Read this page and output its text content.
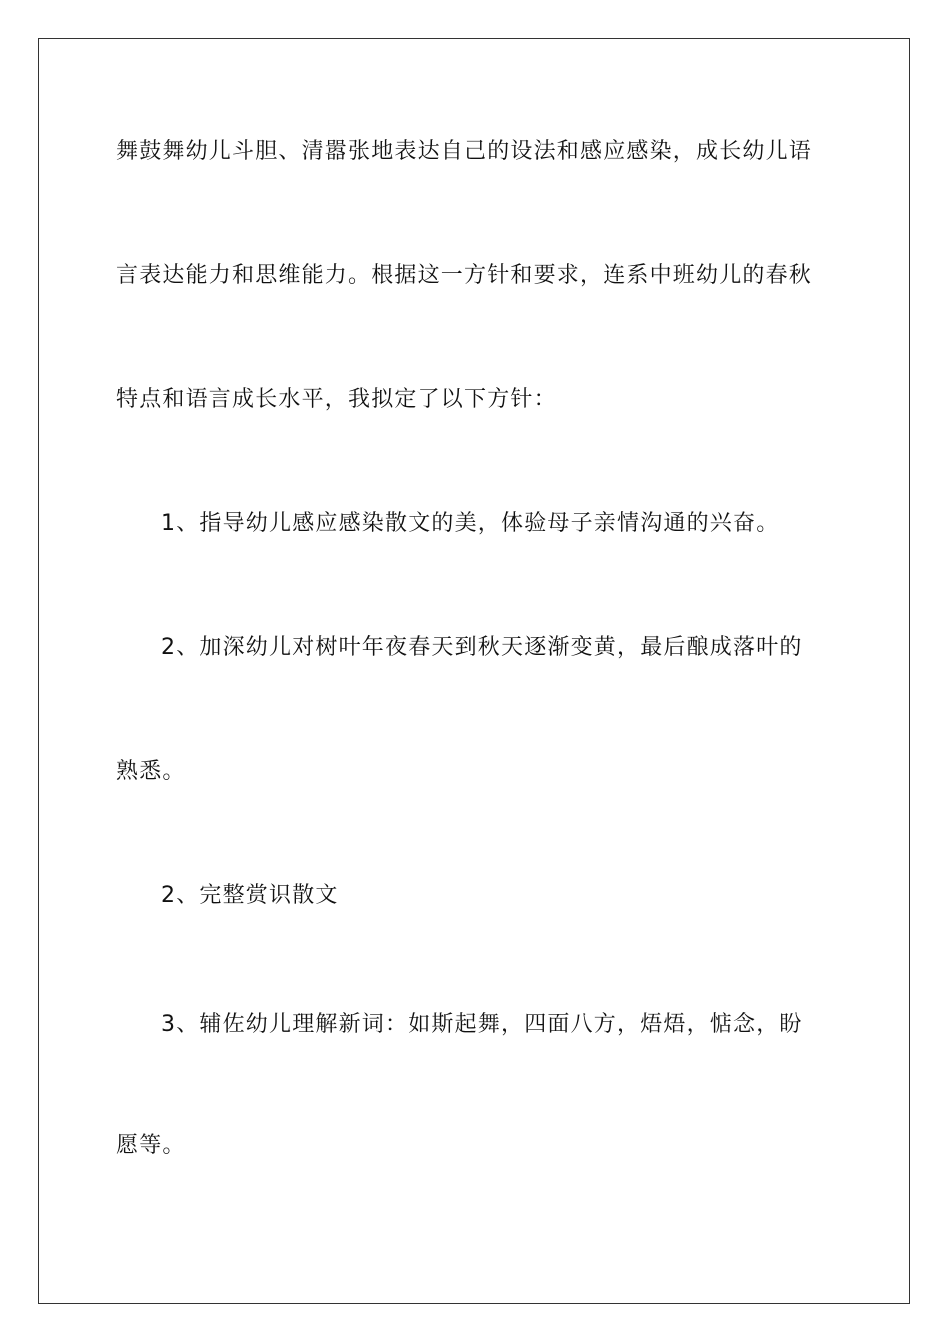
舞鼓舞幼儿斗胆、清嚣张地表达自己的设法和感应感染，成长幼儿语
言表达能力和思维能力。根据这一方针和要求，连系中班幼儿的春秋
特点和语言成长水平，我拟定了以下方针：
1、指导幼儿感应感染散文的美，体验母子亲情沟通的兴奋。
2、加深幼儿对树叶年夜春天到秋天逐渐变黄，最后酿成落叶的
熟悉。
2、完整赏识散文
3、辅佐幼儿理解新词：如斯起舞，四面八方，焐焐，惦念，盼
愿等。
